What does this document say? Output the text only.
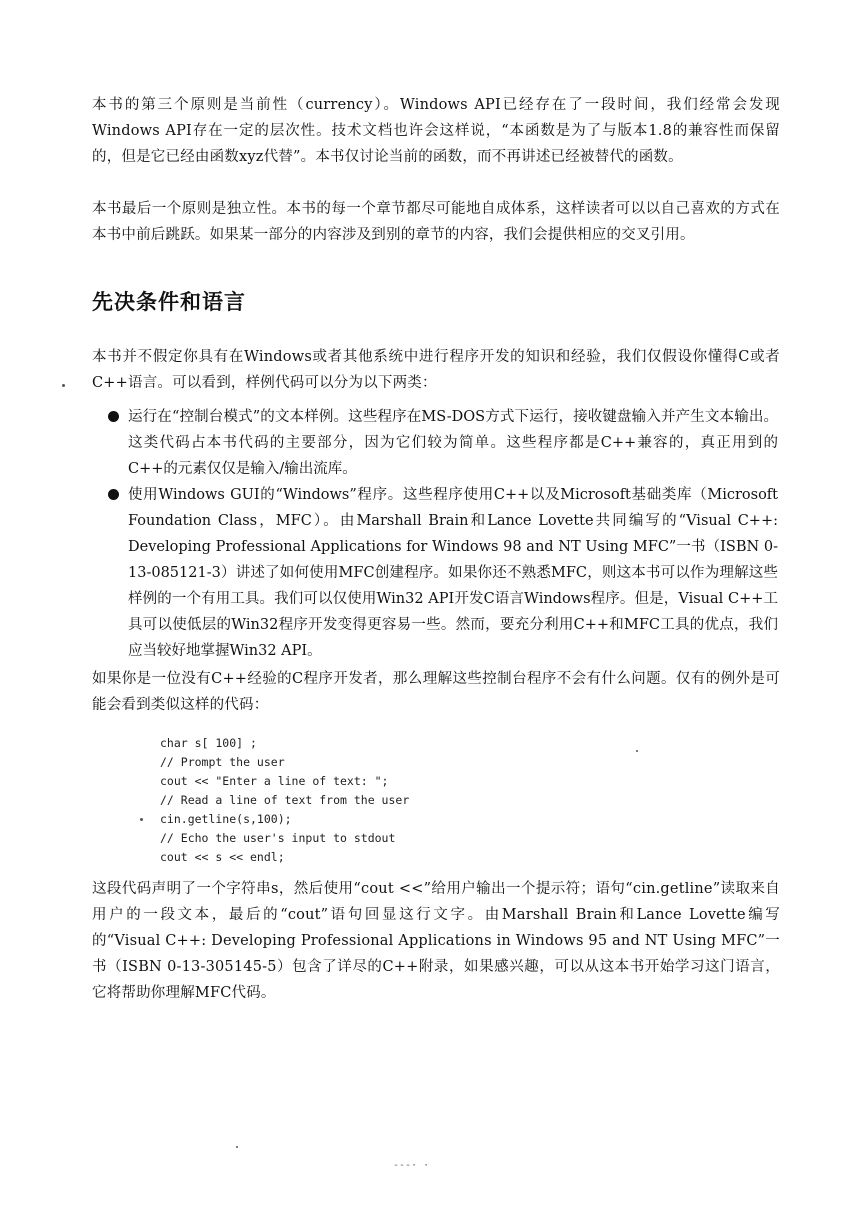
本书的第三个原则是当前性（currency）。Windows API已经存在了一段时间，我们经常会发现Windows API存在一定的层次性。技术文档也许会这样说，“本函数是为了与版本1.8的兼容性而保留的，但是它已经由函数xyz代替”。本书仅讨论当前的函数，而不再讲述已经被替代的函数。

本书最后一个原则是独立性。本书的每一个章节都尽可能地自成体系，这样读者可以以自己喜欢的方式在本书中前后跳跃。如果某一部分的内容涉及到别的章节的内容，我们会提供相应的交叉引用。

先决条件和语言

本书并不假定你具有在Windows或者其他系统中进行程序开发的知识和经验，我们仅假设你懂得C或者C++语言。可以看到，样例代码可以分为以下两类：

运行在“控制台模式”的文本样例。这些程序在MS-DOS方式下运行，接收键盘输入并产生文本输出。这类代码占本书代码的主要部分，因为它们较为简单。这些程序都是C++兼容的，真正用到的C++的元素仅仅是输入/输出流库。
使用Windows GUI的“Windows”程序。这些程序使用C++以及Microsoft基础类库（Microsoft Foundation Class，MFC）。由Marshall Brain和Lance Lovette共同编写的“Visual C++: Developing Professional Applications for Windows 98 and NT Using MFC”一书（ISBN 0-13-085121-3）讲述了如何使用MFC创建程序。如果你还不熟悉MFC，则这本书可以作为理解这些样例的一个有用工具。我们可以仅使用Win32 API开发C语言Windows程序。但是，Visual C++工具可以使低层的Win32程序开发变得更容易一些。然而，要充分利用C++和MFC工具的优点，我们应当较好地掌握Win32 API。

如果你是一位没有C++经验的C程序开发者，那么理解这些控制台程序不会有什么问题。仅有的例外是可能会看到类似这样的代码：

char s[ 100] ;
// Prompt the user
cout << "Enter a line of text: ";
// Read a line of text from the user
cin.getline(s,100);
// Echo the user's input to stdout
cout << s << endl;

这段代码声明了一个字符串s，然后使用“cout <<”给用户输出一个提示符；语句“cin.getline”读取来自用户的一段文本，最后的“cout”语句回显这行文字。由Marshall Brain和Lance Lovette编写的“Visual C++: Developing Professional Applications in Windows 95 and NT Using MFC”一书（ISBN 0-13-305145-5）包含了详尽的C++附录，如果感兴趣，可以从这本书开始学习这门语言，它将帮助你理解MFC代码。

---· ·
